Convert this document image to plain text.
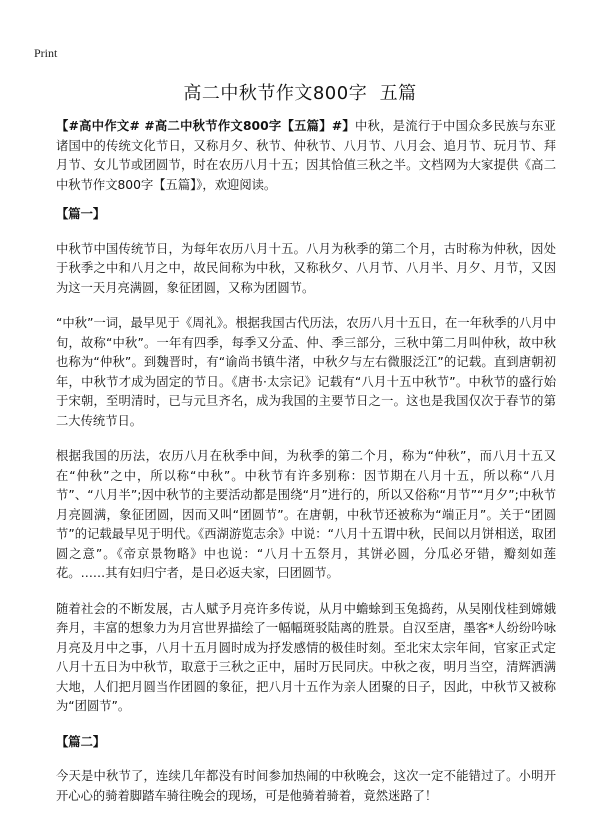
Print
高二中秋节作文800字  五篇

【#高中作文# #高二中秋节作文800字【五篇】#】中秋，是流行于中国众多民族与东亚诸国中的传统文化节日，又称月夕、秋节、仲秋节、八月节、八月会、追月节、玩月节、拜月节、女儿节或团圆节，时在农历八月十五；因其恰值三秋之半。文档网为大家提供《高二中秋节作文800字【五篇】》，欢迎阅读。

【篇一】

中秋节中国传统节日，为每年农历八月十五。八月为秋季的第二个月，古时称为仲秋，因处于秋季之中和八月之中，故民间称为中秋，又称秋夕、八月节、八月半、月夕、月节，又因为这一天月亮满圆，象征团圆，又称为团圆节。

“中秋”一词，最早见于《周礼》。根据我国古代历法，农历八月十五日，在一年秋季的八月中旬，故称“中秋”。一年有四季，每季又分孟、仲、季三部分，三秋中第二月叫仲秋，故中秋也称为“仲秋”。到魏晋时，有“谕尚书镇牛渚，中秋夕与左右微服泛江”的记载。直到唐朝初年，中秋节才成为固定的节日。《唐书·太宗记》记载有“八月十五中秋节”。中秋节的盛行始于宋朝，至明清时，已与元旦齐名，成为我国的主要节日之一。这也是我国仅次于春节的第二大传统节日。

根据我国的历法，农历八月在秋季中间，为秋季的第二个月，称为“仲秋”，而八月十五又在“仲秋”之中，所以称“中秋”。中秋节有许多别称：因节期在八月十五，所以称“八月节”、“八月半”;因中秋节的主要活动都是围绕“月”进行的，所以又俗称“月节”“月夕”;中秋节月亮圆满，象征团圆，因而又叫“团圆节”。在唐朝，中秋节还被称为“端正月”。关于“团圆节”的记载最早见于明代。《西湖游览志余》中说：“八月十五谓中秋，民间以月饼相送，取团圆之意”。《帝京景物略》中也说：“八月十五祭月，其饼必圆，分瓜必牙错，瓣刻如莲花。……其有妇归宁者，是日必返夫家，曰团圆节。

随着社会的不断发展，古人赋予月亮许多传说，从月中蟾蜍到玉兔捣药，从吴刚伐桂到嫦娥奔月，丰富的想象力为月宫世界描绘了一幅幅斑驳陆离的胜景。自汉至唐，墨客*人纷纷吟咏月亮及月中之事，八月十五月圆时成为抒发感情的极佳时刻。至北宋太宗年间，官家正式定八月十五日为中秋节，取意于三秋之正中，届时万民同庆。中秋之夜，明月当空，清辉洒满大地，人们把月圆当作团圆的象征，把八月十五作为亲人团聚的日子，因此，中秋节又被称为“团圆节”。

【篇二】

今天是中秋节了，连续几年都没有时间参加热闹的中秋晚会，这次一定不能错过了。小明开开心心的骑着脚踏车骑往晚会的现场，可是他骑着骑着，竟然迷路了！
